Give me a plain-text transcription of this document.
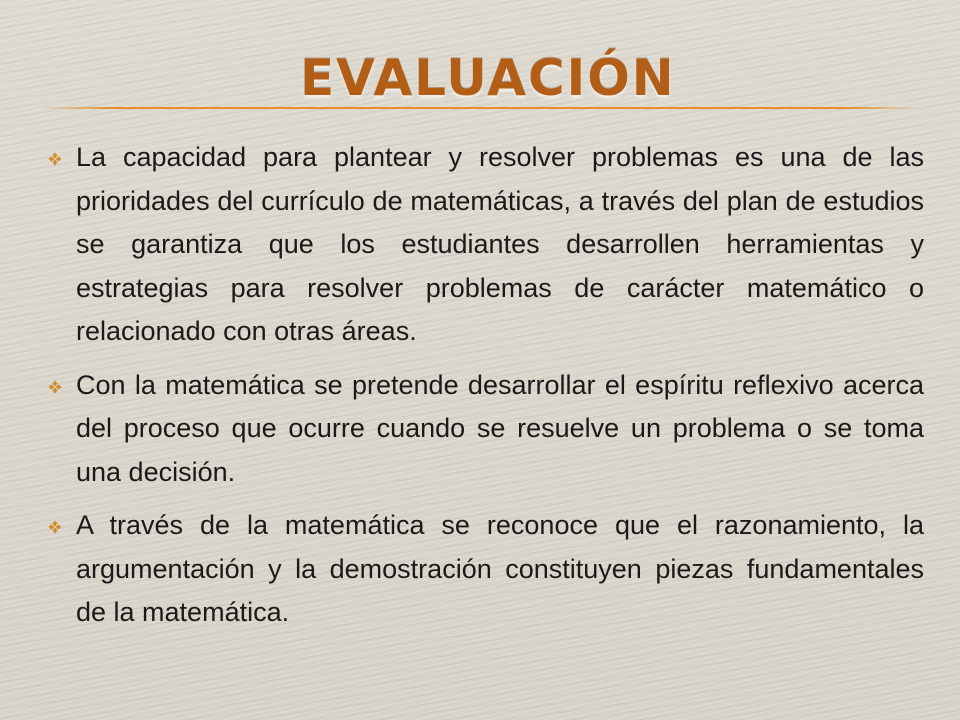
EVALUACIÓN
La capacidad para plantear y resolver problemas es una de las prioridades del currículo de matemáticas, a través del plan de estudios se garantiza que los estudiantes desarrollen herramientas y estrategias para resolver problemas de carácter matemático o relacionado con otras áreas.
Con la matemática se pretende desarrollar el espíritu reflexivo acerca del proceso que ocurre cuando se resuelve un problema o se toma una decisión.
A través de la matemática se reconoce que el razonamiento, la argumentación y la demostración constituyen piezas fundamentales de la matemática.
